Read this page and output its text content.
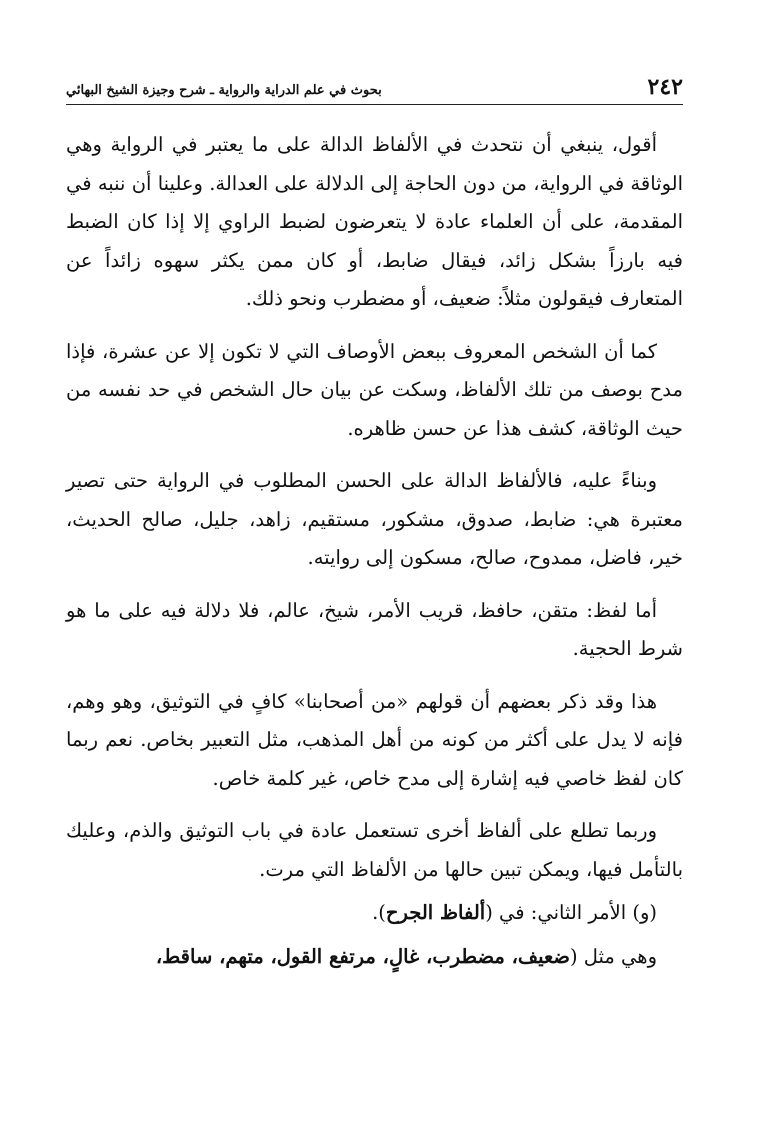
٢٤٢
بحوث في علم الدراية والرواية ـ شرح وجيزة الشيخ البهائي

أقول، ينبغي أن نتحدث في الألفاظ الدالة على ما يعتبر في الرواية وهي الوثاقة في الرواية، من دون الحاجة إلى الدلالة على العدالة. وعلينا أن ننبه في المقدمة، على أن العلماء عادة لا يتعرضون لضبط الراوي إلا إذا كان الضبط فيه بارزاً بشكل زائد، فيقال ضابط، أو كان ممن يكثر سهوه زائداً عن المتعارف فيقولون مثلاً: ضعيف، أو مضطرب ونحو ذلك.

كما أن الشخص المعروف ببعض الأوصاف التي لا تكون إلا عن عشرة، فإذا مدح بوصف من تلك الألفاظ، وسكت عن بيان حال الشخص في حد نفسه من حيث الوثاقة، كشف هذا عن حسن ظاهره.

وبناءً عليه، فالألفاظ الدالة على الحسن المطلوب في الرواية حتى تصير معتبرة هي: ضابط، صدوق، مشكور، مستقيم، زاهد، جليل، صالح الحديث، خير، فاضل، ممدوح، صالح، مسكون إلى روايته.

أما لفظ: متقن، حافظ، قريب الأمر، شيخ، عالم، فلا دلالة فيه على ما هو شرط الحجية.

هذا وقد ذكر بعضهم أن قولهم «من أصحابنا» كافٍ في التوثيق، وهو وهم، فإنه لا يدل على أكثر من كونه من أهل المذهب، مثل التعبير بخاص. نعم ربما كان لفظ خاصي فيه إشارة إلى مدح خاص، غير كلمة خاص.

وربما تطلع على ألفاظ أخرى تستعمل عادة في باب التوثيق والذم، وعليك بالتأمل فيها، ويمكن تبين حالها من الألفاظ التي مرت.

(و) الأمر الثاني: في (ألفاظ الجرح).

وهي مثل (ضعيف، مضطرب، غالٍ، مرتفع القول، متهم، ساقط،
